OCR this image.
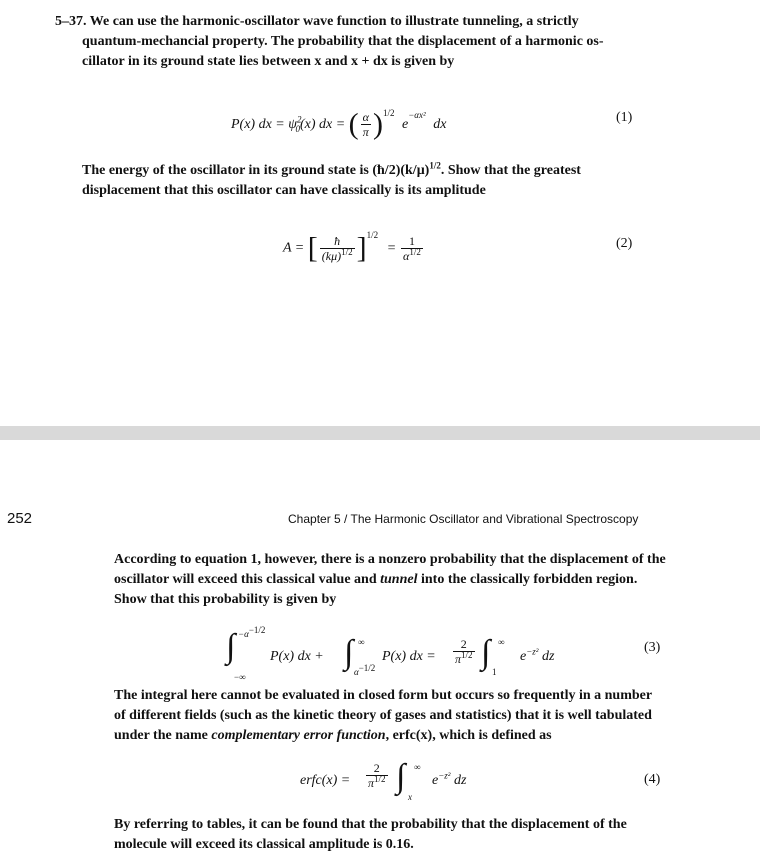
5–37. We can use the harmonic-oscillator wave function to illustrate tunneling, a strictly
quantum-mechancial property. The probability that the displacement of a harmonic os-
cillator in its ground state lies between x and x + dx is given by
P(x) dx = $\psi^2_0(x)$ dx = ( $\frac{\alpha}{\pi} )^{1/2}$ $e^{-\alpha x^2}$ dx	(1)
The energy of the oscillator in its ground state is $(ħ/2)(k/\mu)^{1/2}$. Show that the greatest
displacement that this oscillator can have classically is its amplitude
A = [ $\frac{ħ}{(k\mu)^{1/2}} ]^{1/2} = \frac{1}{\alpha^{1/2}}$	(2)
252	Chapter 5 / The Harmonic Oscillator and Vibrational Spectroscopy
According to equation 1, however, there is a nonzero probability that the displacement of the
oscillator will exceed this classical value and tunnel into the classically forbidden region.
Show that this probability is given by
∫ $-\alpha^{-1/2}$
−∞
P(x) dx + ∫ ∞
$\alpha^{-1/2}$
P(x) dx = $\frac{2}{\pi^{1/2}}$ ∫ ∞
1
$e^{-z^2}$ dz
(3)
The integral here cannot be evaluated in closed form but occurs so frequently in a number
of different fields (such as the kinetic theory of gases and statistics) that it is well tabulated
under the name complementary error function, erfc(x), which is defined as
erfc(x) = $\frac{2}{\pi^{1/2}}$ ∫ ∞
x
$e^{-z^2}$ dz	(4)
By referring to tables, it can be found that the probability that the displacement of the
molecule will exceed its classical amplitude is 0.16.
